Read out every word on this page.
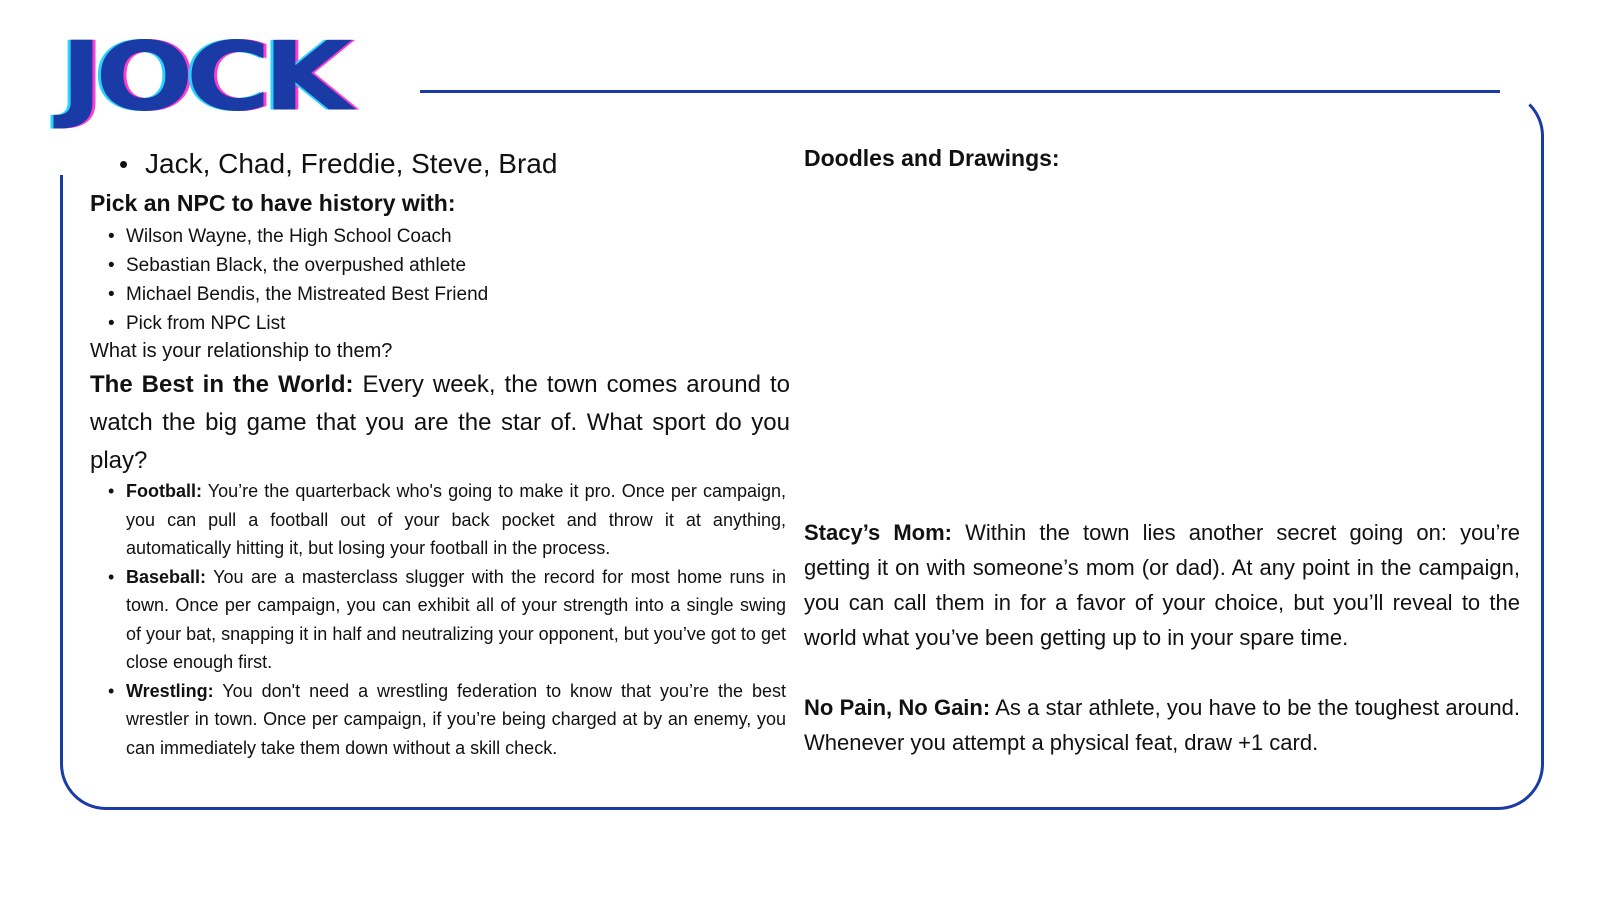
JOCK
• Jack, Chad, Freddie, Steve, Brad
Pick an NPC to have history with:
• Wilson Wayne, the High School Coach
• Sebastian Black, the overpushed athlete
• Michael Bendis, the Mistreated Best Friend
• Pick from NPC List
What is your relationship to them?
The Best in the World: Every week, the town comes around to watch the big game that you are the star of. What sport do you play?
• Football: You’re the quarterback who's going to make it pro. Once per campaign, you can pull a football out of your back pocket and throw it at anything, automatically hitting it, but losing your football in the process.
• Baseball: You are a masterclass slugger with the record for most home runs in town. Once per campaign, you can exhibit all of your strength into a single swing of your bat, snapping it in half and neutralizing your opponent, but you’ve got to get close enough first.
• Wrestling: You don't need a wrestling federation to know that you’re the best wrestler in town. Once per campaign, if you’re being charged at by an enemy, you can immediately take them down without a skill check.
Doodles and Drawings:
Stacy’s Mom: Within the town lies another secret going on: you’re getting it on with someone’s mom (or dad). At any point in the campaign, you can call them in for a favor of your choice, but you’ll reveal to the world what you’ve been getting up to in your spare time.
No Pain, No Gain: As a star athlete, you have to be the toughest around. Whenever you attempt a physical feat, draw +1 card.
